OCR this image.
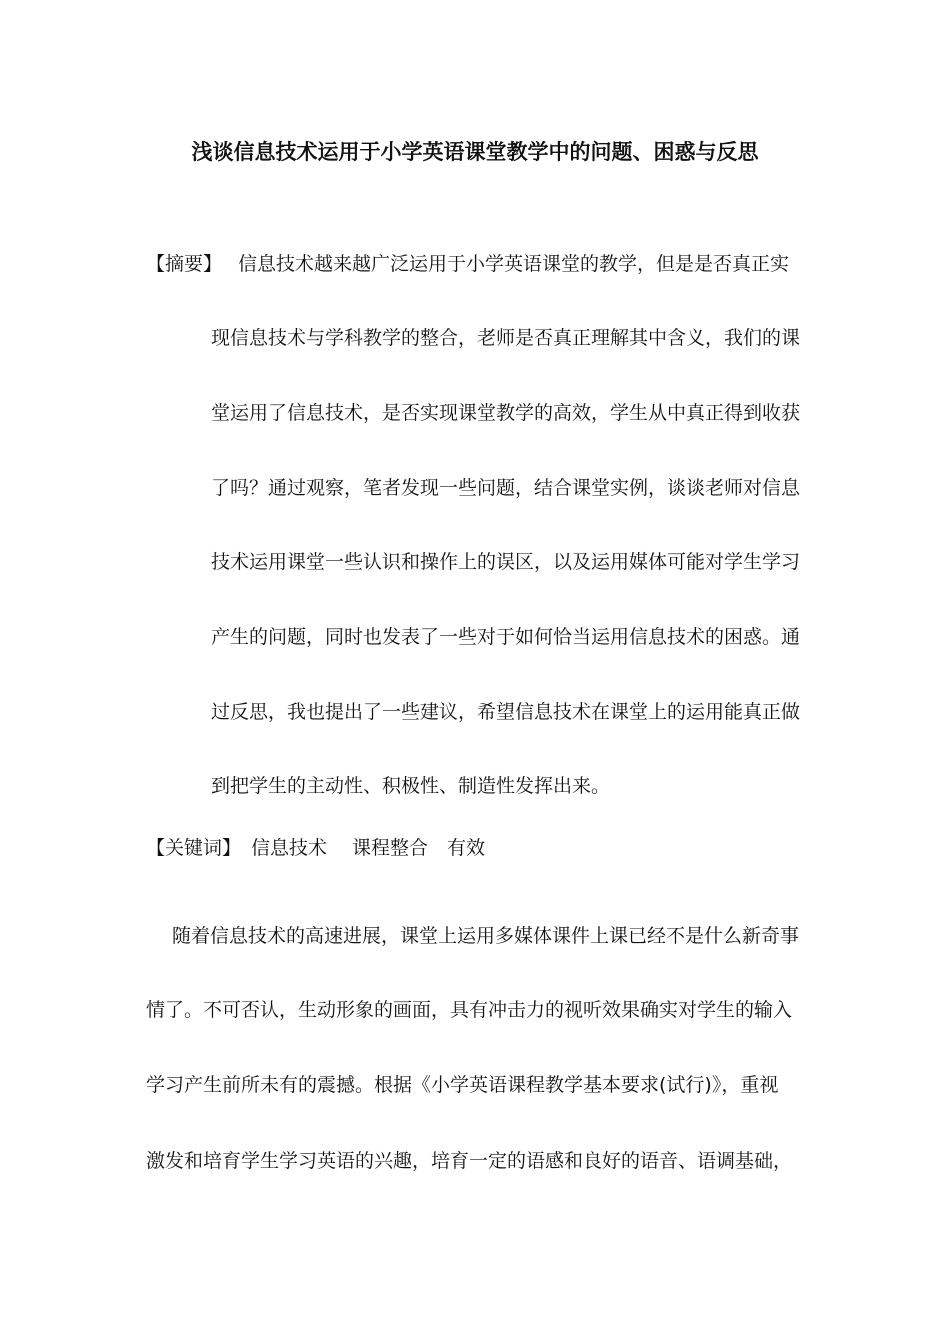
浅谈信息技术运用于小学英语课堂教学中的问题、困惑与反思
【摘要】 信息技术越来越广泛运用于小学英语课堂的教学，但是是否真正实
现信息技术与学科教学的整合，老师是否真正理解其中含义，我们的课
堂运用了信息技术，是否实现课堂教学的高效，学生从中真正得到收获
了吗？通过观察，笔者发现一些问题，结合课堂实例，谈谈老师对信息
技术运用课堂一些认识和操作上的误区，以及运用媒体可能对学生学习
产生的问题，同时也发表了一些对于如何恰当运用信息技术的困惑。通
过反思，我也提出了一些建议，希望信息技术在课堂上的运用能真正做
到把学生的主动性、积极性、制造性发挥出来。
【关键词】 信息技术　 课程整合　有效
随着信息技术的高速进展，课堂上运用多媒体课件上课已经不是什么新奇事
情了。不可否认，生动形象的画面，具有冲击力的视听效果确实对学生的输入
学习产生前所未有的震撼。根据《小学英语课程教学基本要求(试行)》，重视
激发和培育学生学习英语的兴趣，培育一定的语感和良好的语音、语调基础，
